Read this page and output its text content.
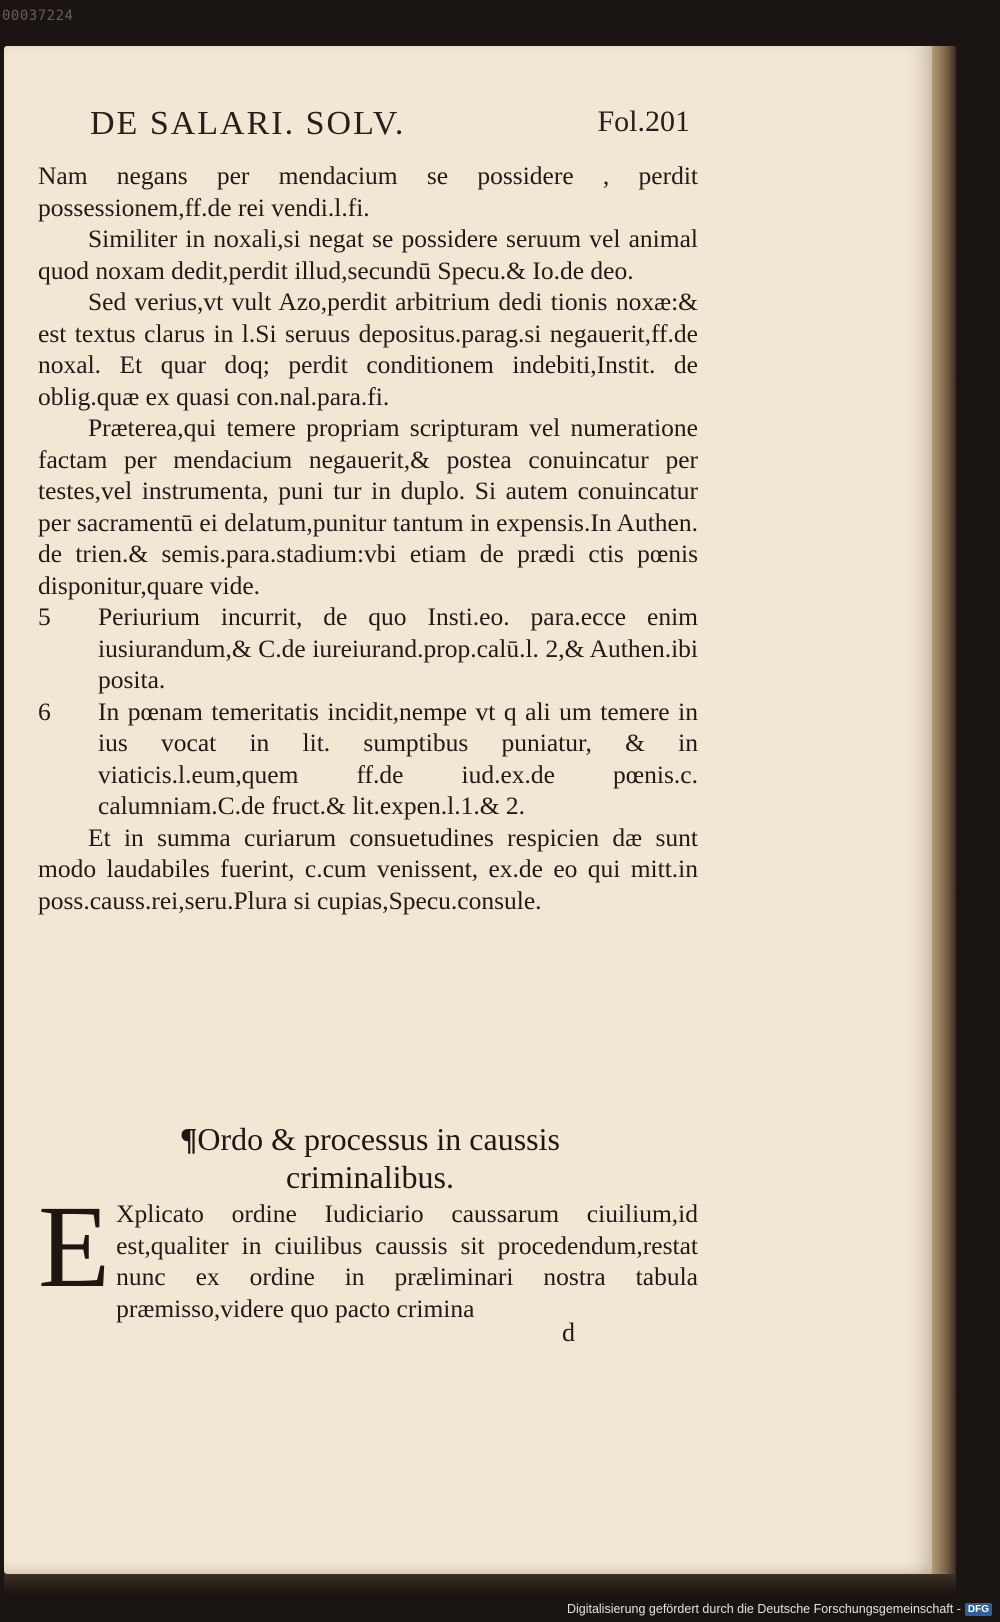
00037224
DE SALARI. SOLV.	Fol.201

Nam negans per mendacium se possidere , perdit possessionem,ff.de rei vendi.l.fi.

Similiter in noxali,si negat se possidere seruum vel animal quod noxam dedit,perdit illud,secundū Specu.& Io.de deo.

Sed verius,vt vult Azo,perdit arbitrium dedi tionis noxæ:& est textus clarus in l.Si seruus depositus.parag.si negauerit,ff.de noxal. Et quar doq; perdit conditionem indebiti,Instit. de oblig.quæ ex quasi con.nal.para.fi.

Præterea,qui temere propriam scripturam vel numeratione factam per mendacium negauerit,& postea conuincatur per testes,vel instrumenta, puni tur in duplo. Si autem conuincatur per sacramentū ei delatum,punitur tantum in expensis.In Authen. de trien.& semis.para.stadium:vbi etiam de prædi ctis pœnis disponitur,quare vide.

5	Periurium incurrit, de quo Insti.eo. para.ecce enim iusiurandum,& C.de iureiurand.prop.calū.l. 2,& Authen.ibi posita.

6	In pœnam temeritatis incidit,nempe vt q ali um temere in ius vocat in lit. sumptibus puniatur, & in viaticis.l.eum,quem ff.de iud.ex.de pœnis.c. calumniam.C.de fruct.& lit.expen.l.1.& 2.

Et in summa curiarum consuetudines respicien dæ sunt modo laudabiles fuerint, c.cum venissent, ex.de eo qui mitt.in poss.causs.rei,seru.Plura si cupias,Specu.consule.

¶Ordo & processus in caussis
criminalibus.
E Xplicato ordine Iudiciario caussarum ciuilium,id est,qualiter in ciuilibus caussis sit procedendum,restat nunc ex ordine in præliminari nostra tabula præmisso,videre quo pacto crimina

d
Digitalisierung gefördert durch die Deutsche Forschungsgemeinschaft - DFG
